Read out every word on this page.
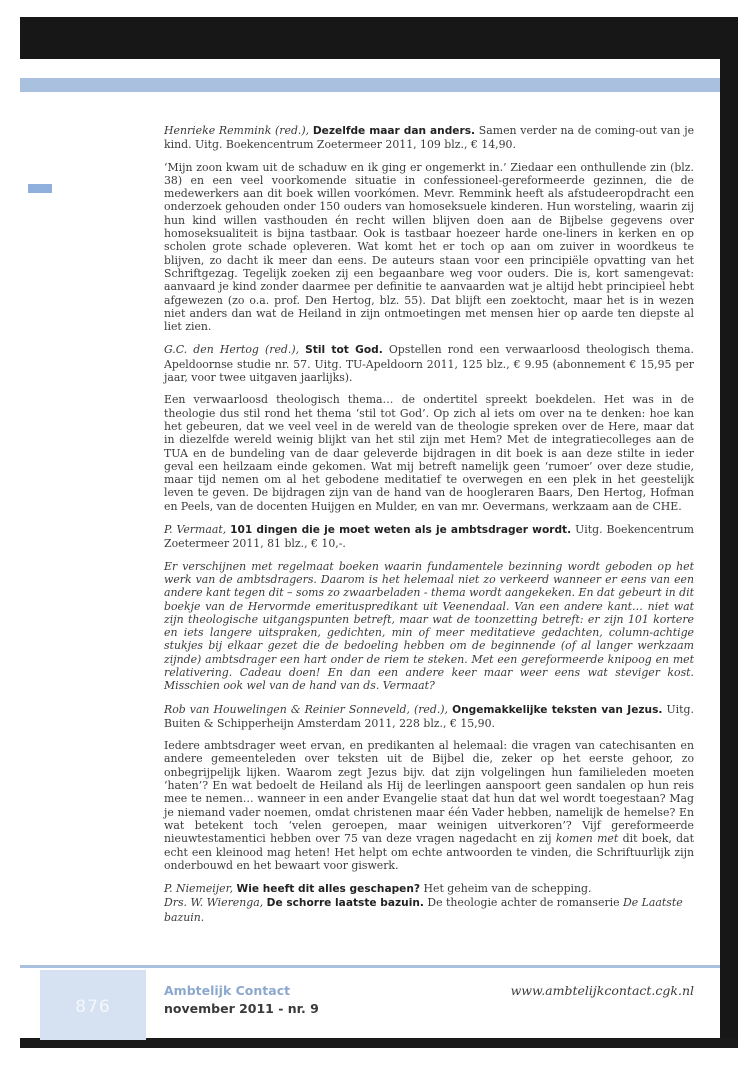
Henrieke Remmink (red.), Dezelfde maar dan anders. Samen verder na de coming-out van je kind. Uitg. Boekencentrum Zoetermeer 2011, 109 blz., € 14,90.

‘Mijn zoon kwam uit de schaduw en ik ging er ongemerkt in.’ Ziedaar een onthullende zin (blz. 38) en een veel voorkomende situatie in confessioneel-gereformeerde gezinnen, die de medewerkers aan dit boek willen voorkómen. Mevr. Remmink heeft als afstudeeropdracht een onderzoek gehouden onder 150 ouders van homoseksuele kinderen. Hun worsteling, waarin zij hun kind willen vasthouden én recht willen blijven doen aan de Bijbelse gegevens over homoseksualiteit is bijna tastbaar. Ook is tastbaar hoezeer harde one-liners in kerken en op scholen grote schade opleveren. Wat komt het er toch op aan om zuiver in woordkeus te blijven, zo dacht ik meer dan eens. De auteurs staan voor een principiële opvatting van het Schriftgezag. Tegelijk zoeken zij een begaanbare weg voor ouders. Die is, kort samengevat: aanvaard je kind zonder daarmee per definitie te aanvaarden wat je altijd hebt principieel hebt afgewezen (zo o.a. prof. Den Hertog, blz. 55). Dat blijft een zoektocht, maar het is in wezen niet anders dan wat de Heiland in zijn ontmoetingen met mensen hier op aarde ten diepste al liet zien.

G.C. den Hertog (red.), Stil tot God. Opstellen rond een verwaarloosd theologisch thema. Apeldoornse studie nr. 57. Uitg. TU-Apeldoorn 2011, 125 blz., € 9.95 (abonnement € 15,95 per jaar, voor twee uitgaven jaarlijks).

Een verwaarloosd theologisch thema… de ondertitel spreekt boekdelen. Het was in de theologie dus stil rond het thema ‘stil tot God’. Op zich al iets om over na te denken: hoe kan het gebeuren, dat we veel veel in de wereld van de theologie spreken over de Here, maar dat in diezelfde wereld weinig blijkt van het stil zijn met Hem? Met de integratiecolleges aan de TUA en de bundeling van de daar geleverde bijdragen in dit boek is aan deze stilte in ieder geval een heilzaam einde gekomen. Wat mij betreft namelijk geen ‘rumoer’ over deze studie, maar tijd nemen om al het gebodene meditatief te overwegen en een plek in het geestelijk leven te geven. De bijdragen zijn van de hand van de hoogleraren Baars, Den Hertog, Hofman en Peels, van de docenten Huijgen en Mulder, en van mr. Oevermans, werkzaam aan de CHE.

P. Vermaat, 101 dingen die je moet weten als je ambtsdrager wordt. Uitg. Boekencentrum Zoetermeer 2011, 81 blz., € 10,-.

Er verschijnen met regelmaat boeken waarin fundamentele bezinning wordt geboden op het werk van de ambtsdragers. Daarom is het helemaal niet zo verkeerd wanneer er eens van een andere kant tegen dit – soms zo zwaarbeladen - thema wordt aangekeken. En dat gebeurt in dit boekje van de Hervormde emerituspredikant uit Veenendaal. Van een andere kant… niet wat zijn theologische uitgangspunten betreft, maar wat de toonzetting betreft: er zijn 101 kortere en iets langere uitspraken, gedichten, min of meer meditatieve gedachten, column-achtige stukjes bij elkaar gezet die de bedoeling hebben om de beginnende (of al langer werkzaam zijnde) ambtsdrager een hart onder de riem te steken. Met een gereformeerde knipoog en met relativering. Cadeau doen! En dan een andere keer maar weer eens wat steviger kost. Misschien ook wel van de hand van ds. Vermaat?

Rob van Houwelingen & Reinier Sonneveld, (red.), Ongemakkelijke teksten van Jezus. Uitg. Buiten & Schipperheijn Amsterdam 2011, 228 blz., € 15,90.

Iedere ambtsdrager weet ervan, en predikanten al helemaal: die vragen van catechisanten en andere gemeenteleden over teksten uit de Bijbel die, zeker op het eerste gehoor, zo onbegrijpelijk lijken. Waarom zegt Jezus bijv. dat zijn volgelingen hun familieleden moeten ‘haten’? En wat bedoelt de Heiland als Hij de leerlingen aanspoort geen sandalen op hun reis mee te nemen… wanneer in een ander Evangelie staat dat hun dat wel wordt toegestaan? Mag je niemand vader noemen, omdat christenen maar één Vader hebben, namelijk de hemelse? En wat betekent toch ‘velen geroepen, maar weinigen uitverkoren’? Vijf gereformeerde nieuwtestamentici hebben over 75 van deze vragen nagedacht en zij komen met dit boek, dat echt een kleinood mag heten! Het helpt om echte antwoorden te vinden, die Schriftuurlijk zijn onderbouwd en het bewaart voor giswerk.

P. Niemeijer, Wie heeft dit alles geschapen? Het geheim van de schepping.

Drs. W. Wierenga, De schorre laatste bazuin. De theologie achter de romanserie De Laatste bazuin.

876
Ambtelijk Contact
november 2011 - nr. 9
www.ambtelijkcontact.cgk.nl
